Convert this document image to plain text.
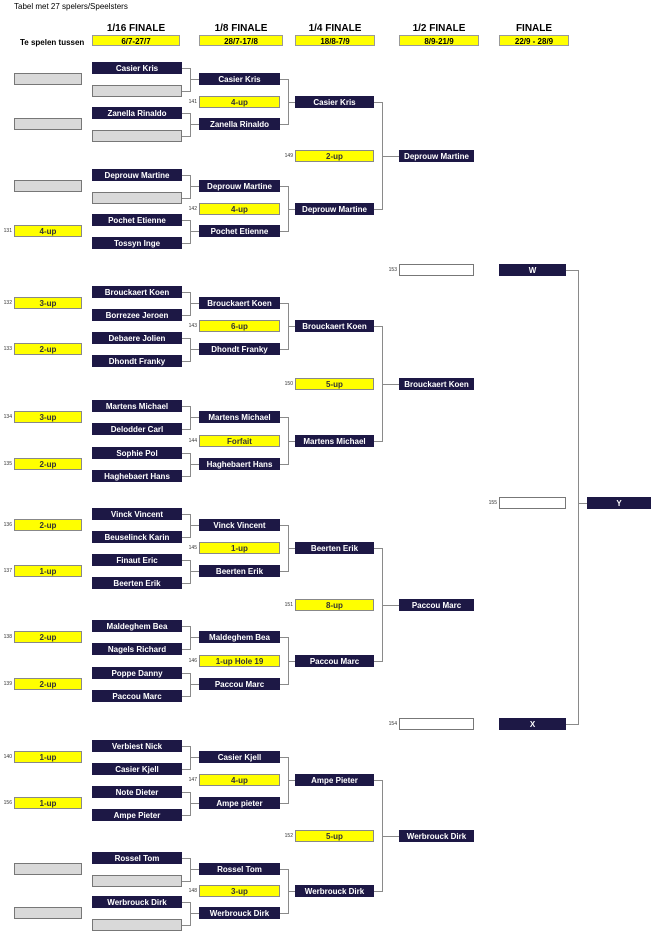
Tabel met 27 spelers/Speelsters
Te spelen tussen
1/16 FINALE
6/7-27/7
1/8 FINALE
28/7-17/8
1/4 FINALE
18/8-7/9
1/2 FINALE
8/9-21/9
FINALE
22/9 - 28/9
Casier Kris
Zanella Rinaldo
Deprouw Martine
Pochet Etienne
Tossyn Inge
4-up
131
Brouckaert Koen
Borrezee Jeroen
3-up
132
Debaere Jolien
Dhondt Franky
2-up
133
Martens Michael
Delodder Carl
3-up
134
Sophie Pol
Haghebaert Hans
2-up
135
Vinck Vincent
Beuselinck Karin
2-up
136
Finaut Eric
Beerten Erik
1-up
137
Maldeghem Bea
Nagels Richard
2-up
138
Poppe Danny
Paccou Marc
2-up
139
Verbiest Nick
Casier Kjell
1-up
140
Note Dieter
Ampe Pieter
1-up
156
Rossel Tom
Werbrouck Dirk
Casier Kris
Zanella Rinaldo
4-up
141
Deprouw Martine
Pochet Etienne
4-up
142
Brouckaert Koen
Dhondt Franky
6-up
143
Martens Michael
Haghebaert Hans
Forfait
144
Vinck Vincent
Beerten Erik
1-up
145
Maldeghem Bea
Paccou Marc
1-up Hole 19
146
Casier Kjell
Ampe pieter
4-up
147
Rossel Tom
Werbrouck Dirk
3-up
148
Casier Kris
Deprouw Martine
2-up
149
Brouckaert Koen
Martens Michael
5-up
150
Beerten Erik
Paccou Marc
8-up
151
Ampe Pieter
Werbrouck Dirk
5-up
152
Deprouw Martine
Brouckaert Koen
153
Paccou Marc
Werbrouck Dirk
154
W
X
155	Y
